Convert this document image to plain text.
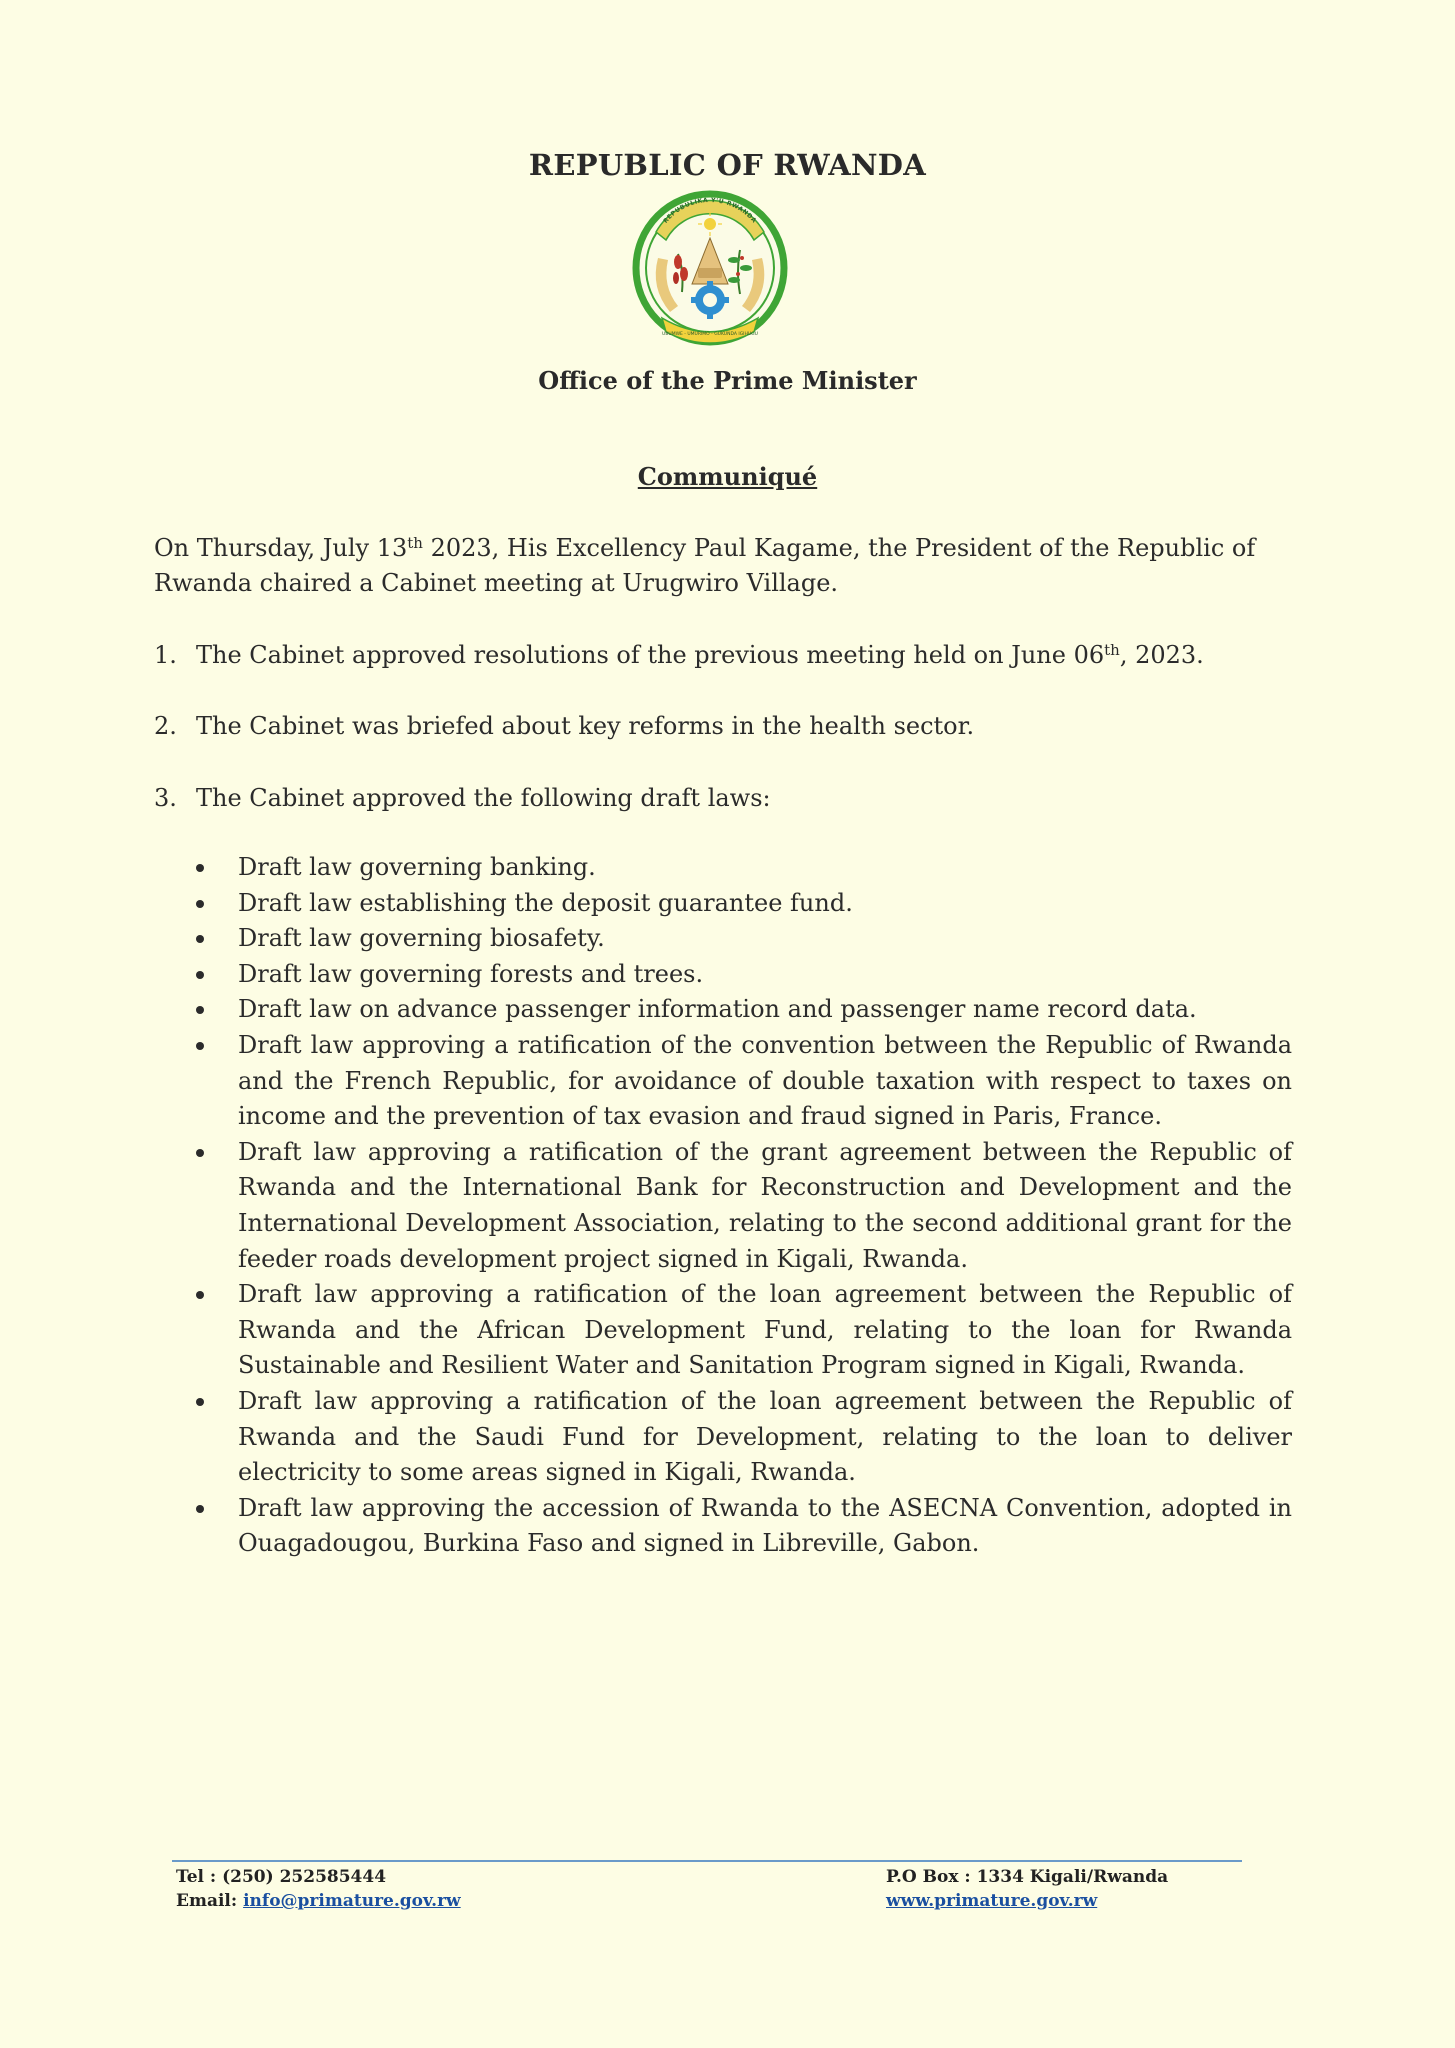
REPUBLIC OF RWANDA
REPUBULIKA Y'U RWANDA
UBUMWE - UMURIMO - GUKUNDA IGIHUGU
Office of the Prime Minister
Communiqué
On Thursday, July 13th 2023, His Excellency Paul Kagame, the President of the Republic of Rwanda chaired a Cabinet meeting at Urugwiro Village.
1. The Cabinet approved resolutions of the previous meeting held on June 06th, 2023.
2. The Cabinet was briefed about key reforms in the health sector.
3. The Cabinet approved the following draft laws:
Draft law governing banking.
Draft law establishing the deposit guarantee fund.
Draft law governing biosafety.
Draft law governing forests and trees.
Draft law on advance passenger information and passenger name record data.
Draft law approving a ratification of the convention between the Republic of Rwanda and the French Republic, for avoidance of double taxation with respect to taxes on income and the prevention of tax evasion and fraud signed in Paris, France.
Draft law approving a ratification of the grant agreement between the Republic of Rwanda and the International Bank for Reconstruction and Development and the International Development Association, relating to the second additional grant for the feeder roads development project signed in Kigali, Rwanda.
Draft law approving a ratification of the loan agreement between the Republic of Rwanda and the African Development Fund, relating to the loan for Rwanda Sustainable and Resilient Water and Sanitation Program signed in Kigali, Rwanda.
Draft law approving a ratification of the loan agreement between the Republic of Rwanda and the Saudi Fund for Development, relating to the loan to deliver electricity to some areas signed in Kigali, Rwanda.
Draft law approving the accession of Rwanda to the ASECNA Convention, adopted in Ouagadougou, Burkina Faso and signed in Libreville, Gabon.
Tel : (250) 252585444
Email: info@primature.gov.rw
P.O Box : 1334 Kigali/Rwanda
www.primature.gov.rw
